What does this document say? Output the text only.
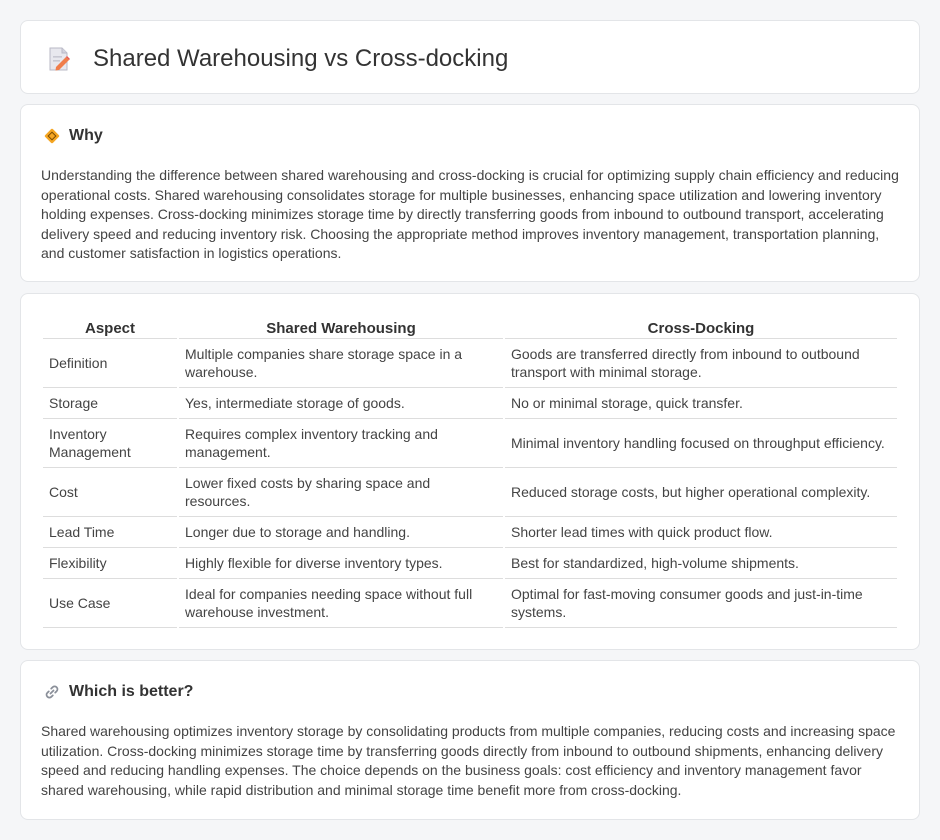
Shared Warehousing vs Cross-docking
Why

Understanding the difference between shared warehousing and cross-docking is crucial for optimizing supply chain efficiency and reducing operational costs. Shared warehousing consolidates storage for multiple businesses, enhancing space utilization and lowering inventory holding expenses. Cross-docking minimizes storage time by directly transferring goods from inbound to outbound transport, accelerating delivery speed and reducing inventory risk. Choosing the appropriate method improves inventory management, transportation planning, and customer satisfaction in logistics operations.

Aspect	Shared Warehousing	Cross-Docking
Definition	Multiple companies share storage space in a warehouse.	Goods are transferred directly from inbound to outbound transport with minimal storage.
Storage	Yes, intermediate storage of goods.	No or minimal storage, quick transfer.
Inventory Management	Requires complex inventory tracking and management.	Minimal inventory handling focused on throughput efficiency.
Cost	Lower fixed costs by sharing space and resources.	Reduced storage costs, but higher operational complexity.
Lead Time	Longer due to storage and handling.	Shorter lead times with quick product flow.
Flexibility	Highly flexible for diverse inventory types.	Best for standardized, high-volume shipments.
Use Case	Ideal for companies needing space without full warehouse investment.	Optimal for fast-moving consumer goods and just-in-time systems.
Which is better?

Shared warehousing optimizes inventory storage by consolidating products from multiple companies, reducing costs and increasing space utilization. Cross-docking minimizes storage time by transferring goods directly from inbound to outbound shipments, enhancing delivery speed and reducing handling expenses. The choice depends on the business goals: cost efficiency and inventory management favor shared warehousing, while rapid distribution and minimal storage time benefit more from cross-docking.
